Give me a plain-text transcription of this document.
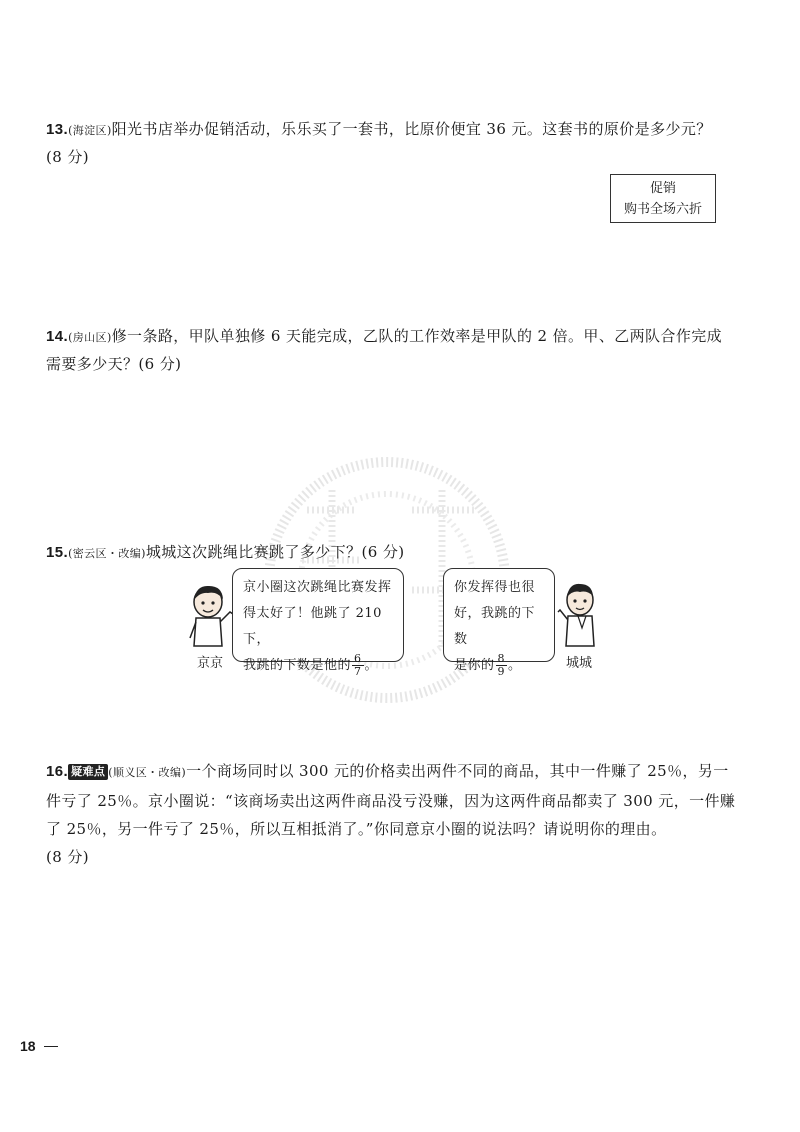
13.(海淀区)阳光书店举办促销活动，乐乐买了一套书，比原价便宜 36 元。这套书的原价是多少元？
(8 分)
促销
购书全场六折
14.(房山区)修一条路，甲队单独修 6 天能完成，乙队的工作效率是甲队的 2 倍。甲、乙两队合作完成需要多少天？(6 分)
15.(密云区・改编)城城这次跳绳比赛跳了多少下？(6 分)
京京
京小圈这次跳绳比赛发挥
得太好了！他跳了 210 下，
我跳的下数是他的 $\frac{6}{7}$ 。
你发挥得也很
好，我跳的下数
是你的 $\frac{8}{9}$ 。	城城
16. 疑难点 (顺义区・改编)一个商场同时以 300 元的价格卖出两件不同的商品，其中一件赚了 25％，另一件亏了 25％。京小圈说：“该商场卖出这两件商品没亏没赚，因为这两件商品都卖了 300 元，一件赚了 25％，另一件亏了 25％，所以互相抵消了。”你同意京小圈的说法吗？请说明你的理由。
(8 分)
18
